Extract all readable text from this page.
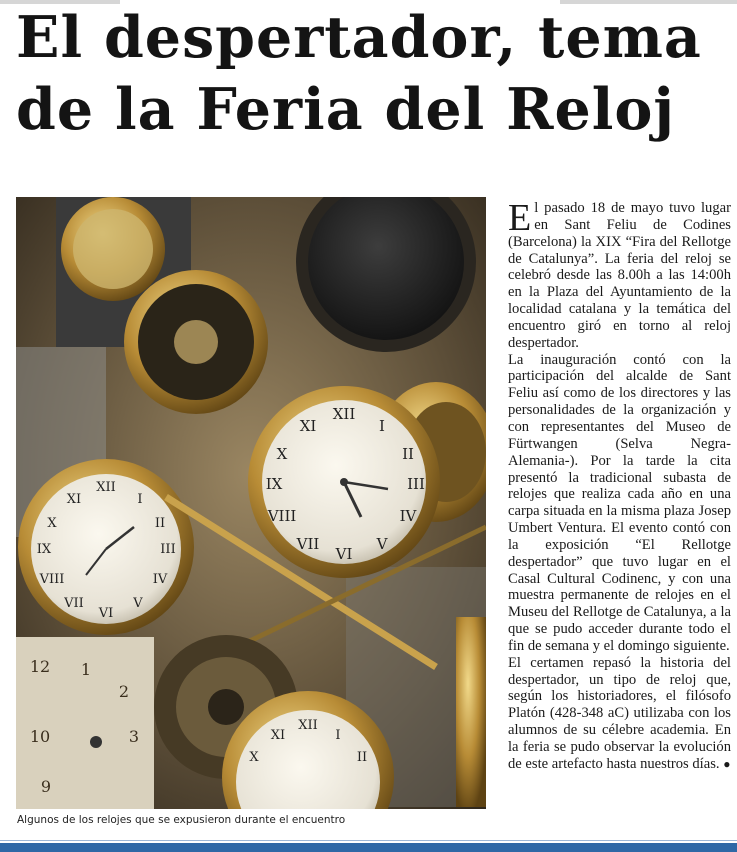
El despertador, tema
de la Feria del Reloj
XII
I
II
III
IV
V
VI
VII
VIII
IX
X
XI
XII
III
VI
IX
I
II
IV
V
VII
VIII
X
XI
12 1
2
3
10
9
XI
XII
I
II
X
Algunos de los relojes que se expusieron durante el encuentro

El pasado 18 de mayo tuvo lugar en Sant Feliu de Codines (Barcelona) la XIX “Fira del Rellotge de Catalunya”. La feria del reloj se celebró desde las 8.00h a las 14:00h en la Plaza del Ayuntamiento de la localidad catalana y la temática del encuentro giró en torno al reloj despertador.

La inauguración contó con la participación del alcalde de Sant Feliu así como de los directores y las personalidades de la organización y con representantes del Museo de Fürtwangen (Selva Negra-Alemania-). Por la tarde la cita presentó la tradicional subasta de relojes que realiza cada año en una carpa situada en la misma plaza Josep Umbert Ventura. El evento contó con la exposición “El Rellotge despertador” que tuvo lugar en el Casal Cultural Codinenc, y con una muestra permanente de relojes en el Museu del Rellotge de Catalunya, a la que se pudo acceder durante todo el fin de semana y el domingo siguiente.

El certamen repasó la historia del despertador, un tipo de reloj que, según los historiadores, el filósofo Platón (428-348 aC) utilizaba con los alumnos de su célebre academia. En la feria se pudo observar la evolución de este artefacto hasta nuestros días. ●
